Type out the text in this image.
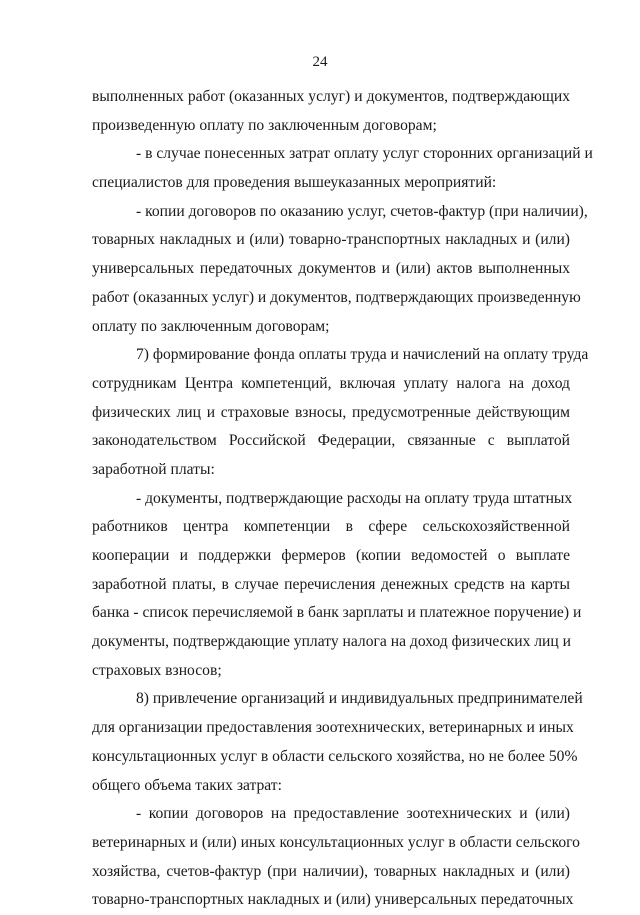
24
выполненных работ (оказанных услуг) и документов, подтверждающих
произведенную оплату по заключенным договорам;
- в случае понесенных затрат оплату услуг сторонних организаций и
специалистов для проведения вышеуказанных мероприятий:
- копии договоров по оказанию услуг, счетов-фактур (при наличии),
товарных накладных и (или) товарно-транспортных накладных и (или)
универсальных передаточных документов и (или) актов выполненных
работ (оказанных услуг) и документов, подтверждающих произведенную
оплату по заключенным договорам;
7) формирование фонда оплаты труда и начислений на оплату труда
сотрудникам Центра компетенций, включая уплату налога на доход
физических лиц и страховые взносы, предусмотренные действующим
законодательством Российской Федерации, связанные с выплатой
заработной платы:
- документы, подтверждающие расходы на оплату труда штатных
работников центра компетенции в сфере сельскохозяйственной
кооперации и поддержки фермеров (копии ведомостей о выплате
заработной платы, в случае перечисления денежных средств на карты
банка - список перечисляемой в банк зарплаты и платежное поручение) и
документы, подтверждающие уплату налога на доход физических лиц и
страховых взносов;
8) привлечение организаций и индивидуальных предпринимателей
для организации предоставления зоотехнических, ветеринарных и иных
консультационных услуг в области сельского хозяйства, но не более 50%
общего объема таких затрат:
- копии договоров на предоставление зоотехнических и (или)
ветеринарных и (или) иных консультационных услуг в области сельского
хозяйства, счетов-фактур (при наличии), товарных накладных и (или)
товарно-транспортных накладных и (или) универсальных передаточных
